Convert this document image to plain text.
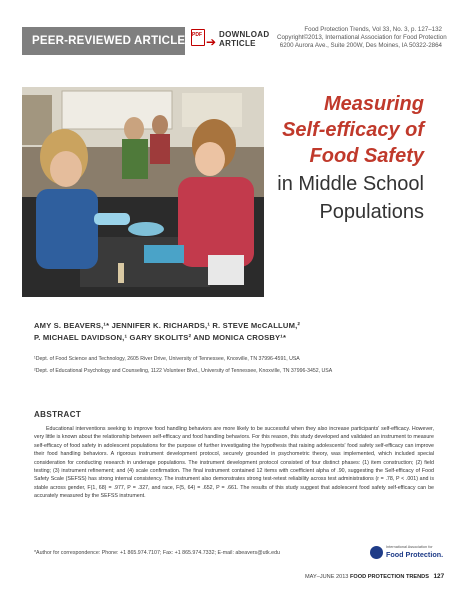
PEER-REVIEWED ARTICLE PDF ➔
DOWNLOAD
ARTICLE
Food Protection Trends, Vol 33, No. 3, p. 127–132
Copyright©2013, International Association for Food Protection
6200 Aurora Ave., Suite 200W, Des Moines, IA 50322-2864
Measuring
Self-efficacy of
Food Safety
in Middle School
Populations
AMY S. BEAVERS,¹* JENNIFER K. RICHARDS,¹ R. STEVE McCALLUM,²
P. MICHAEL DAVIDSON,¹ GARY SKOLITS² AND MONICA CROSBY¹*
¹Dept. of Food Science and Technology, 2605 River Drive, University of Tennessee, Knoxville, TN 37996-4591, USA
²Dept. of Educational Psychology and Counseling, 1122 Volunteer Blvd., University of Tennessee, Knoxville, TN 37996-3452, USA
ABSTRACT

Educational interventions seeking to improve food handling behaviors are more likely to be successful when they also increase participants' self-efficacy. However, very little is known about the relationship between self-efficacy and food handling behaviors. For this reason, this study developed and validated an instrument to measure self-efficacy of food safety in adolescent populations for the purpose of further investigating the hypothesis that raising adolescents' food safety self-efficacy can improve their food handling behaviors. A rigorous instrument development protocol, securely grounded in psychometric theory, was implemented, which included special consideration for conducting research in underage populations. The instrument development protocol consisted of four distinct phases: (1) item construction; (2) field testing; (3) instrument refinement; and (4) scale confirmation. The final instrument contained 12 items with coefficient alpha of .90, suggesting the Self-efficacy of Food Safety Scale (SEFSS) has strong internal consistency. The instrument also demonstrates strong test-retest reliability across test administrations (r = .78, P < .001) and is stable across gender, F(1, 68) = .977, P = .327, and race, F(5, 64) = .652, P = .661. The results of this study suggest that adolescent food safety self-efficacy can be accurately measured by the SEFSS instrument.

*Author for correspondence: Phone: +1 865.974.7107; Fax: +1 865.974.7332; E-mail: abeavers@utk.edu
International Association for
Food Protection.
MAY–JUNE 2013 FOOD PROTECTION TRENDS 127
